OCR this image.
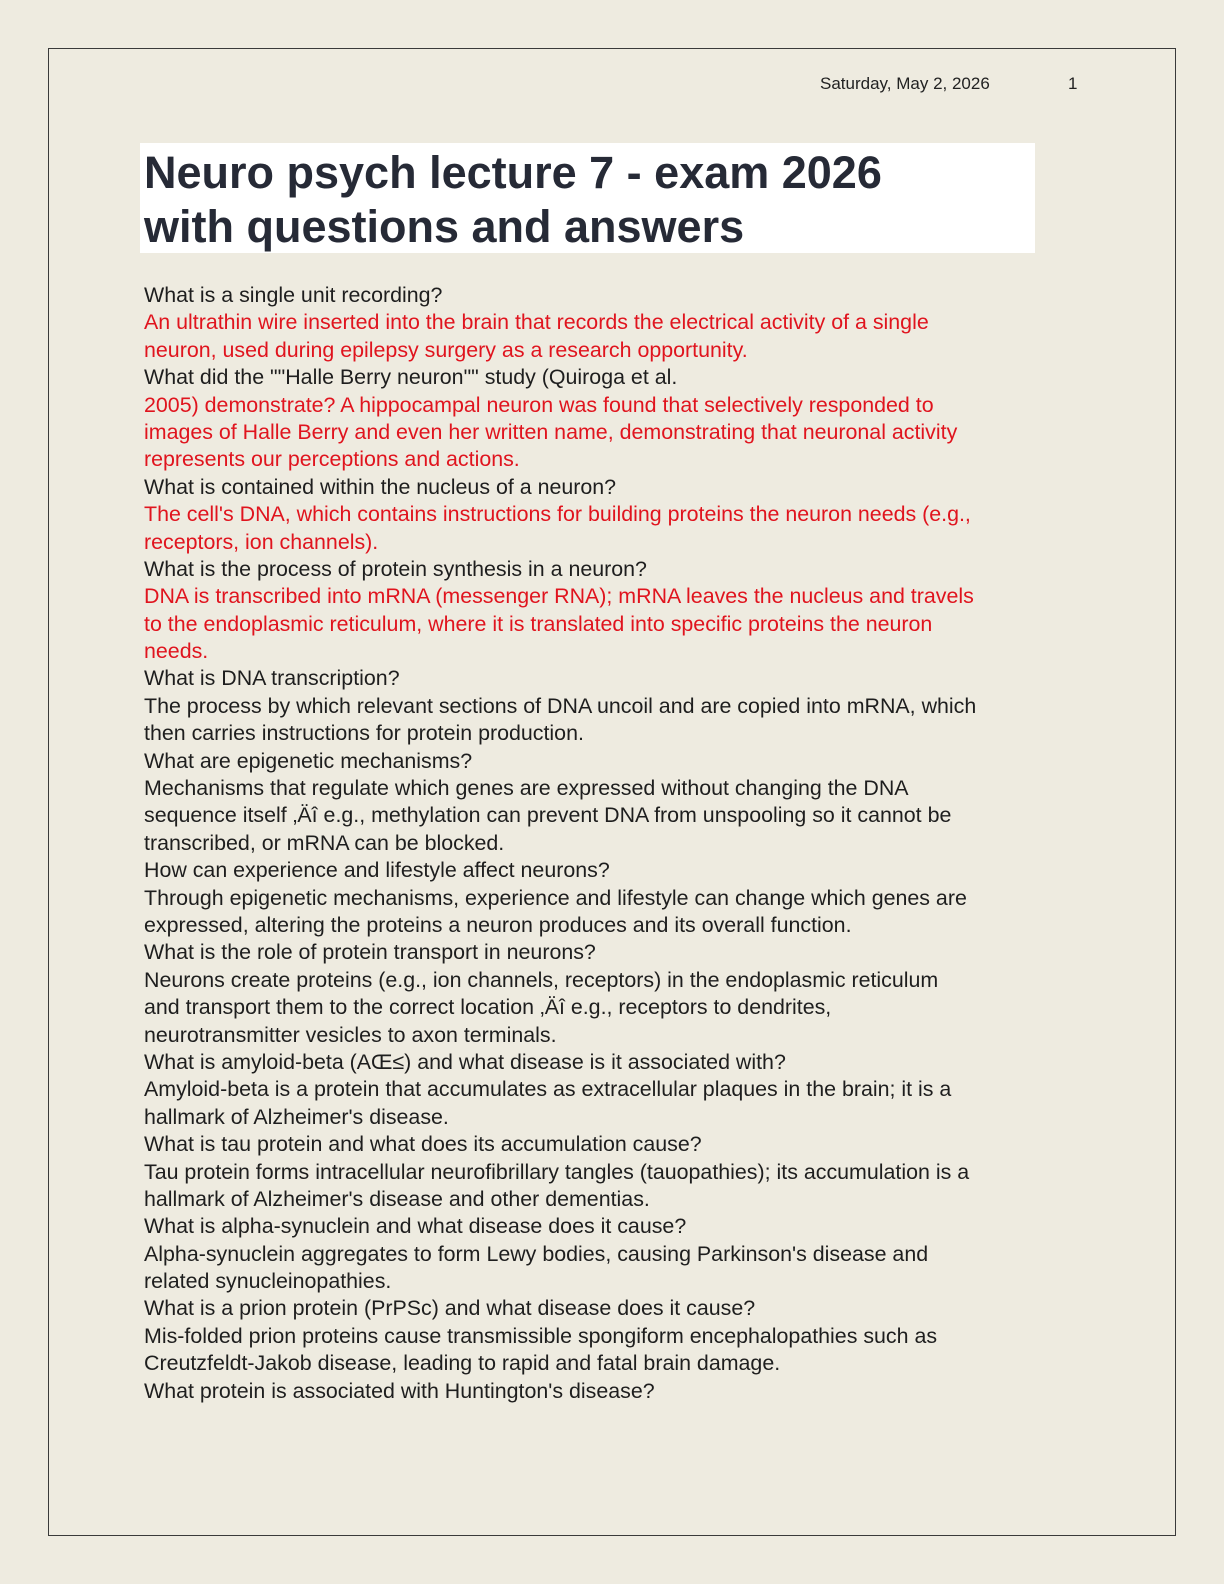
Saturday, May 2, 2026	1
Neuro psych lecture 7 - exam 2026
with questions and answers
What is a single unit recording?
An ultrathin wire inserted into the brain that records the electrical activity of a single
neuron, used during epilepsy surgery as a research opportunity.
What did the ""Halle Berry neuron"" study (Quiroga et al.
2005) demonstrate? A hippocampal neuron was found that selectively responded to
images of Halle Berry and even her written name, demonstrating that neuronal activity
represents our perceptions and actions.
What is contained within the nucleus of a neuron?
The cell's DNA, which contains instructions for building proteins the neuron needs (e.g.,
receptors, ion channels).
What is the process of protein synthesis in a neuron?
DNA is transcribed into mRNA (messenger RNA); mRNA leaves the nucleus and travels
to the endoplasmic reticulum, where it is translated into specific proteins the neuron
needs.
What is DNA transcription?
The process by which relevant sections of DNA uncoil and are copied into mRNA, which
then carries instructions for protein production.
What are epigenetic mechanisms?
Mechanisms that regulate which genes are expressed without changing the DNA
sequence itself ‚Äî e.g., methylation can prevent DNA from unspooling so it cannot be
transcribed, or mRNA can be blocked.
How can experience and lifestyle affect neurons?
Through epigenetic mechanisms, experience and lifestyle can change which genes are
expressed, altering the proteins a neuron produces and its overall function.
What is the role of protein transport in neurons?
Neurons create proteins (e.g., ion channels, receptors) in the endoplasmic reticulum
and transport them to the correct location ‚Äî e.g., receptors to dendrites,
neurotransmitter vesicles to axon terminals.
What is amyloid-beta (AŒ≤) and what disease is it associated with?
Amyloid-beta is a protein that accumulates as extracellular plaques in the brain; it is a
hallmark of Alzheimer's disease.
What is tau protein and what does its accumulation cause?
Tau protein forms intracellular neurofibrillary tangles (tauopathies); its accumulation is a
hallmark of Alzheimer's disease and other dementias.
What is alpha-synuclein and what disease does it cause?
Alpha-synuclein aggregates to form Lewy bodies, causing Parkinson's disease and
related synucleinopathies.
What is a prion protein (PrPSc) and what disease does it cause?
Mis-folded prion proteins cause transmissible spongiform encephalopathies such as
Creutzfeldt-Jakob disease, leading to rapid and fatal brain damage.
What protein is associated with Huntington's disease?
